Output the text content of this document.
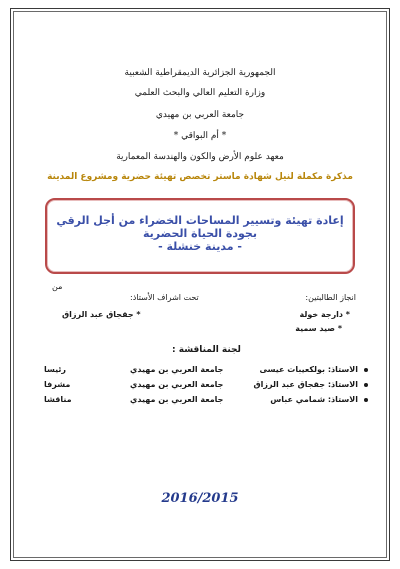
الجمهورية الجزائرية الديمقراطية الشعبية
وزارة التعليم العالي والبحث العلمي
جامعة العربي بن مهيدي
* أم البواقي *
معهد علوم الأرض والكون والهندسة المعمارية
مذكرة مكملة لنيل شهادة ماستر تخصص تهيئة حضرية ومشروع المدينة
إعادة تهيئة وتسيير المساحات الخضراء من أجل الرقي بجودة الحياة الحضرية
- مدينة خنشلة -
من
انجاز الطالبتين:
تحت اشراف الأستاذ:
* دارجة خولة
* جقجاق عبد الرزاق
* صيد سمية
لجنة المناقشة :
الاستاذ: بولكعيبات عيسى
جامعة العربي بن مهيدي
رئيسا
الاستاذ: جقجاق عبد الرزاق
جامعة العربي بن مهيدي
مشرفا
الاستاذ: شمامي عباس
جامعة العربي بن مهيدي
مناقشا
2016/2015
